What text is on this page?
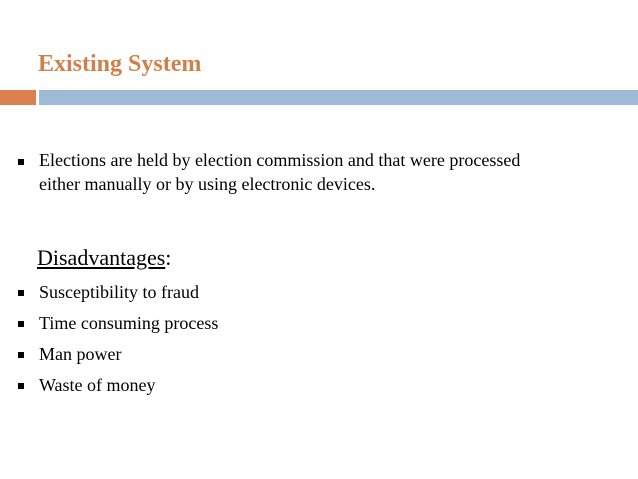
Existing System
Elections are held by election commission and that were processed
either manually or by using electronic devices.
Disadvantages:
Susceptibility to fraud
Time consuming process
Man power
Waste of money
